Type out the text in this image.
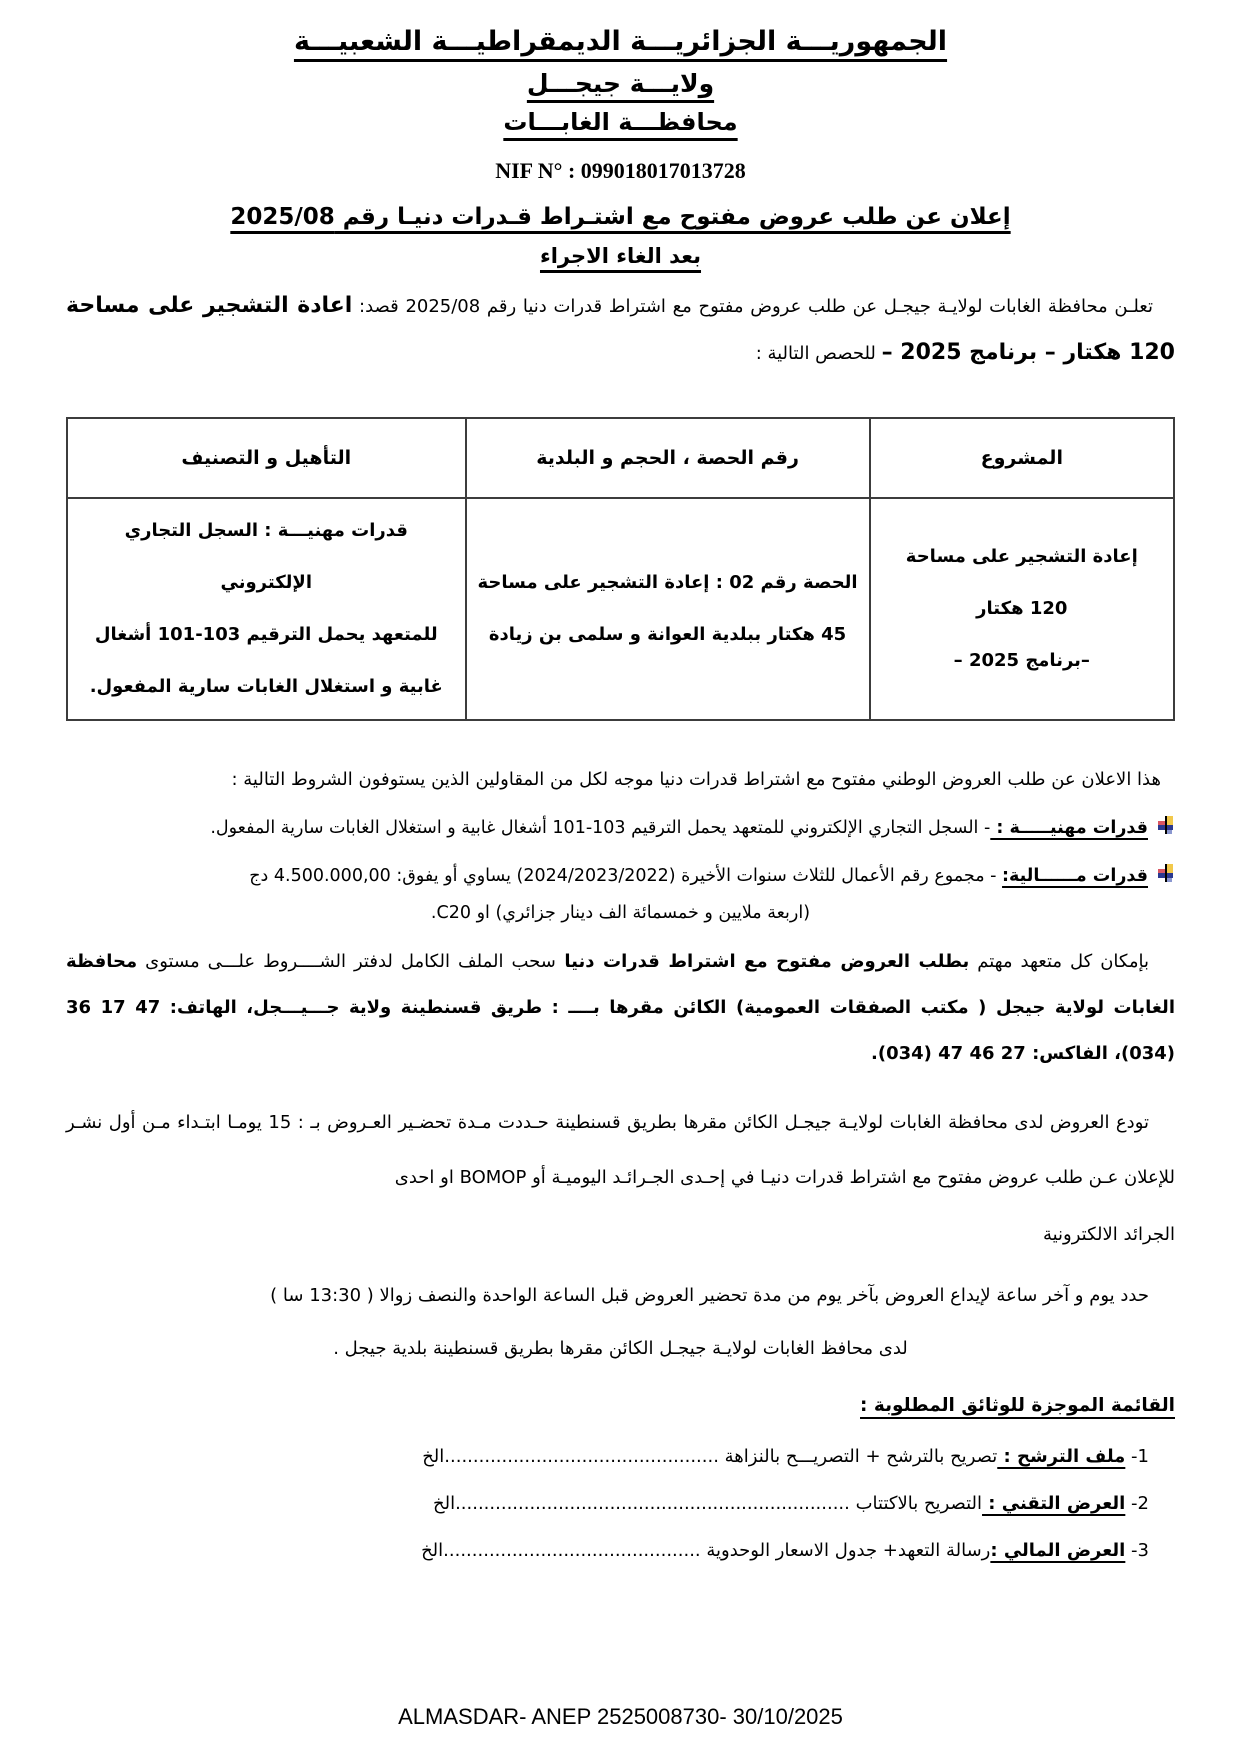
الجمهوريـــة الجزائريـــة الديمقراطيـــة الشعبيـــة
ولايـــة جيجـــل
محافظـــة الغابـــات
NIF N° : 099018017013728
إعلان عن طلب عروض مفتوح مع اشتـراط قـدرات دنيـا رقم 2025/08
بعد الغاء الاجراء

تعلـن محافظة الغابات لولايـة جيجـل عن طلب عروض مفتوح مع اشتراط قدرات دنيا رقم 2025/08 قصد: اعادة التشجير على مساحة 120 هكتار – برنامج 2025 – للحصص التالية :

المشروع	رقم الحصة ، الحجم و البلدية	التأهيل و التصنيف

إعادة التشجير على مساحة
120 هكتار
–برنامج 2025 –

الحصة رقم 02 : إعادة التشجير على مساحة
45 هكتار ببلدية العوانة و سلمى بن زيادة

قدرات مهنيـــة : السجل التجاري الإلكتروني
للمتعهد يحمل الترقيم 103-101 أشغال
غابية و استغلال الغابات سارية المفعول.

هذا الاعلان عن طلب العروض الوطني مفتوح مع اشتراط قدرات دنيا موجه لكل من المقاولين الذين يستوفون الشروط التالية :

قدرات مهنيـــــة : - السجل التجاري الإلكتروني للمتعهد يحمل الترقيم 103-101 أشغال غابية و استغلال الغابات سارية المفعول.
قدرات مــــــالية: - مجموع رقم الأعمال للثلاث سنوات الأخيرة (2024/2023/2022) يساوي أو يفوق: 4.500.000,00 دج
(اربعة ملايين و خمسمائة الف دينار جزائري) او C20.

بإمكان كل متعهد مهتم بطلب العروض مفتوح مع اشتراط قدرات دنيا سحب الملف الكامل لدفتر الشــــروط علـــى مستوى محافظة الغابات لولاية جيجل ( مكتب الصفقات العمومية) الكائن مقرها بــــ : طريق قسنطينة ولاية جـــيـــجل، الهاتف: 36 17 47 (034)، الفاكس: (034) 47 46 27.

تودع العروض لدى محافظة الغابات لولايـة جيجـل الكائن مقرها بطريق قسنطينة حـددت مـدة تحضـير العـروض بـ : 15 يومـا ابتـداء مـن أول نشـر للإعلان عـن طلب عروض مفتوح مع اشتراط قدرات دنيـا في إحـدى الجـرائـد اليوميـة أو BOMOP او احدى

الجرائد الالكترونية

حدد يوم و آخر ساعة لإيداع العروض بآخر يوم من مدة تحضير العروض قبل الساعة الواحدة والنصف زوالا ( 13:30 سا )

لدى محافظ الغابات لولايـة جيجـل الكائن مقرها بطريق قسنطينة بلدية جيجل .
القائمة الموجزة للوثائق المطلوبة :
1- ملف الترشح : تصريح بالترشح + التصريـــح بالنزاهة ................................................الخ
2- العرض التقني : التصريح بالاكتتاب .....................................................................الخ
3- العرض المالي :رسالة التعهد+ جدول الاسعار الوحدوية .............................................الخ
ALMASDAR- ANEP 2525008730- 30/10/2025
